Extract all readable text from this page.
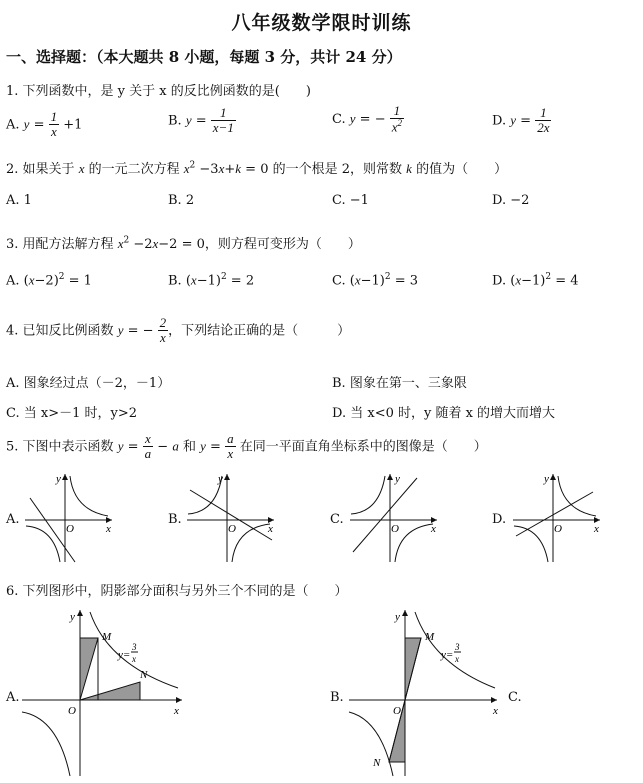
八年级数学限时训练
一、选择题：（本大题共 8 小题，每题 3 分，共计 24 分）
1. 下列函数中，是 y 关于 x 的反比例函数的是(　　)
A. $y = \frac{1}{x} +1$	B. $y = \frac{1}{x-1}$	C. y = − $\frac{1}{x^2}$	D. $y = \frac{1}{2x}$
2. 如果关于 x 的一元二次方程 $x^2 -3x+k = 0$ 的一个根是 2，则常数 k 的值为（　　）
A. 1	B. 2	C. −1	D. −2
3. 用配方法解方程 $x^2 -2x-2 = 0$，则方程可变形为（　　）
A. $(x-2)^2 = 1$	B. $(x-1)^2 = 2$	C. $(x-1)^2 = 3$	D. $(x-1)^2 = 4$
4. 已知反比例函数 y = − $\frac{2}{x}$ ，下列结论正确的是（　　　）
A. 图象经过点（－2，－1）	B. 图象在第一、三象限
C. 当 x>－1 时，y>2	D. 当 x<0 时，y 随着 x 的增大而增大
5. 下图中表示函数 $y = \frac{x}{a} - a$ 和 $y = \frac{a}{x}$ 在同一平面直角坐标系中的图像是（　　）
A.	B.	C.	D.
y
x
O
y
x
O
y
x
O
y
x
O
6. 下列图形中，阴影部分面积与另外三个不同的是（　　）
A.	B.	C.
y
x
O
M
N
y=
3
x
y
x
O
M
N
y=
3
x
